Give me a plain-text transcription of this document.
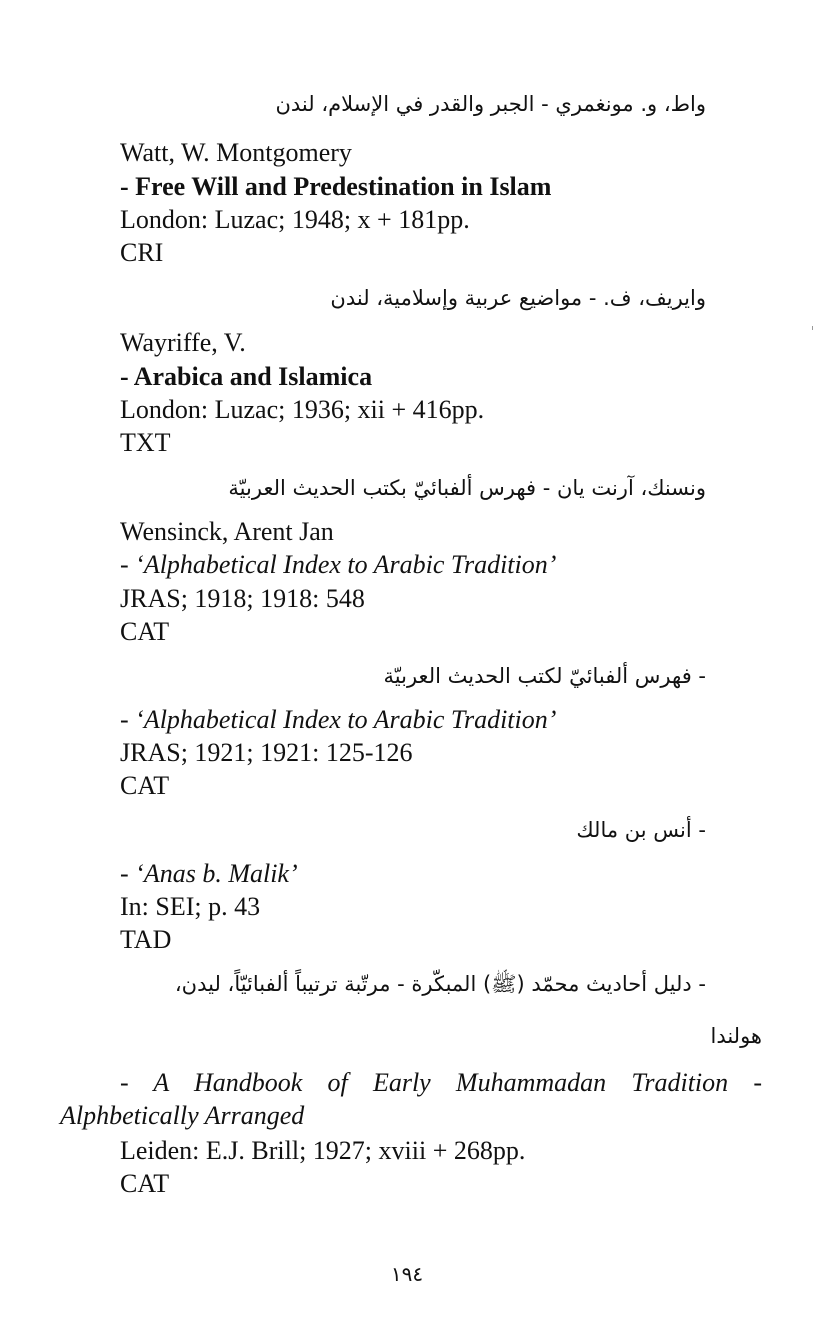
واط، و. مونغمري - الجبر والقدر في الإسلام، لندن
Watt, W. Montgomery
- Free Will and Predestination in Islam
London: Luzac; 1948; x + 181pp.
CRI
وايريف، ف. - مواضيع عربية وإسلامية، لندن
Wayriffe, V.
- Arabica and Islamica
London: Luzac; 1936; xii + 416pp.
TXT
ونسنك، آرنت يان - فهرس ألفبائيّ بكتب الحديث العربيّة
Wensinck, Arent Jan
- ‘Alphabetical Index to Arabic Tradition’
JRAS; 1918; 1918: 548
CAT
- فهرس ألفبائيّ لكتب الحديث العربيّة
- ‘Alphabetical Index to Arabic Tradition’
JRAS; 1921; 1921: 125-126
CAT
- أنس بن مالك
- ‘Anas b. Malik’
In: SEI; p. 43
TAD
- دليل أحاديث محمّد (ﷺ) المبكّرة - مرتّبة ترتيباً ألفبائيّاً، ليدن،
هولندا
- A Handbook of Early Muhammadan Tradition -
Alphbetically Arranged
Leiden: E.J. Brill; 1927; xviii + 268pp.
CAT
١٩٤
